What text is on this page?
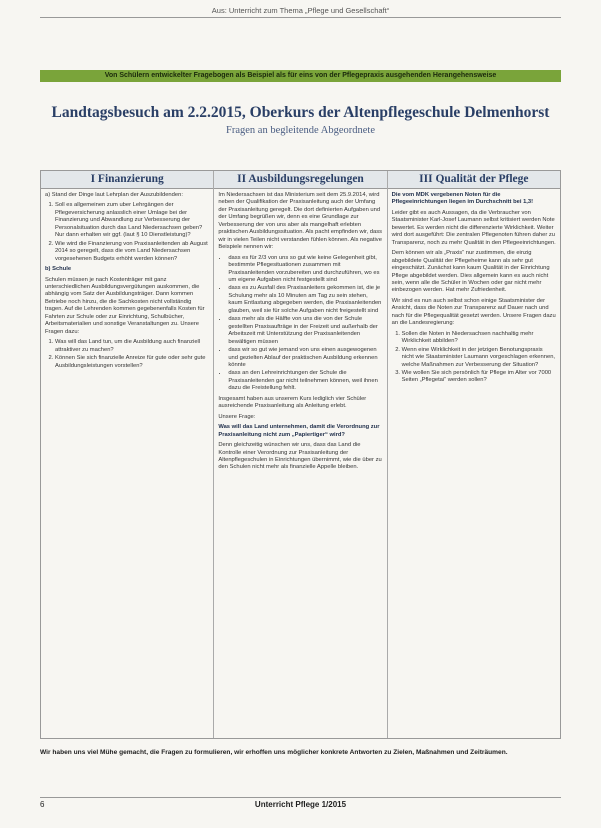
Aus: Unterricht zum Thema „Pflege und Gesellschaft“
Von Schülern entwickelter Fragebogen als Beispiel als für eins von der Pflegepraxis ausgehenden Herangehensweise
Landtagsbesuch am 2.2.2015, Oberkurs der Altenpflegeschule Delmenhorst
Fragen an begleitende Abgeordnete
I Finanzierung

a) Stand der Dinge laut Lehrplan der Auszubildenden:

1. Soll es allgemeinen zum uber Lehrgängen der Pflegeversicherung anlasslich einer Umlage bei der Finanzierung und Abwandlung zur Verbesserung der Personalsituation durch das Land Niedersachsen geben? Nur dann erhalten wir ggf. (laut § 10 Dienstleistung)?
2. Wie wird die Finanzierung von Praxisanleitenden ab August 2014 so geregelt, dass die vom Land Niedersachsen vorgesehenen Budgets erhöht werden können?

b) Schule

Schulen müssen je nach Kostenträger mit ganz unterschiedlichen Ausbildungsvergütungen auskommen, die abhängig vom Satz der Ausbildungsträger. Dann kommen Betriebe noch hinzu, die die Sachkosten nicht vollständig tragen. Auf die Lehrenden kommen gegebenenfalls Kosten für Fahrten zur Schule oder zur Einrichtung, Schulbücher, Arbeitsmaterialien und sonstige Veranstaltungen zu. Unsere Fragen dazu:

1. Was will das Land tun, um die Ausbildung auch finanziell attraktiver zu machen?
2. Können Sie sich finanzielle Anreize für gute oder sehr gute Ausbildungsleistungen vorstellen?
II Ausbildungsregelungen

Im Niedersachsen ist das Ministerium seit dem 25.9.2014, wird neben der Qualifikation der Praxisanleitung auch der Umfang der Praxisanleitung geregelt. Die dort definierten Aufgaben und der Umfang begrüßen wir, denn es eine Grundlage zur Verbesserung der von uns aber als mangelhaft erlebten praktischen Ausbildungssituation. Als pacht empfinden wir, dass wir in vielen Teilen nicht verstanden fühlen können. Als negative Beispiele nennen wir:

• dass es für 2/3 von uns so gut wie keine Gelegenheit gibt, bestimmte Pflegesituationen zusammen mit Praxisanleitenden vorzubereiten und durchzuführen, wo es um eigene Aufgaben nicht festgestellt sind
• dass es zu Ausfall des Praxisanleiters gekommen ist, die je Schulung mehr als 10 Minuten am Tag zu sein stehen, kaum Entlastung abgegeben werden, die Praxisanleitenden glauben, weil sie für solche Aufgaben nicht freigestellt sind
• dass mehr als die Hälfte von uns die von der Schule gestellten Praxisaufträge in der Freizeit und außerhalb der Arbeitszeit mit Unterstützung der Praxisanleitenden bewältigen müssen
• dass wir so gut wie jemand von uns einen ausgewogenen und gezielten Ablauf der praktischen Ausbildung erkennen könnte
• dass an den Lehreinrichtungen der Schule die Praxisanleitenden gar nicht teilnehmen können, weil ihnen dazu die Freistellung fehlt.

Insgesamt haben aus unserem Kurs lediglich vier Schüler ausreichende Praxisanleitung als Anleitung erlebt.

Unsere Frage:

Was will das Land unternehmen, damit die Verordnung zur Praxisanleitung nicht zum „Papiertiger“ wird?

Denn gleichzeitig wünschen wir uns, dass das Land die Kontrolle einer Verordnung zur Praxisanleitung der Altenpflegeschulen in Einrichtungen übernimmt, wie die über zu den Schulen nicht mehr als finanzielle Appelle bleiben.

III Qualität der Pflege

Die vom MDK vergebenen Noten für die Pflegeeinrichtungen liegen im Durchschnitt bei 1,3!

Leider gibt es auch Aussagen, da die Verbraucher von Staatsminister Karl-Josef Laumann selbst kritisiert werden Note bewertet. Es werden nicht die differenzierte Wirklichkeit. Weiter wird dort ausgeführt: Die zentralen Pflegenoten führen daher zu Transparenz, noch zu mehr Qualität in den Pflegeeinrichtungen.

Dem können wir als „Praxis“ nur zustimmen, die einzig abgebildete Qualität der Pflegeheime kann als sehr gut eingeschätzt. Zunächst kann kaum Qualität in der Einrichtung Pflege abgebildet werden. Dies allgemein kann es auch nicht sein, wenn alle die Schüler in Wochen oder gar nicht mehr einbezogen werden. Hat mehr Zufriedenheit.

Wir sind es nun auch selbst schon einige Staatsminister der Ansicht, dass die Noten zur Transparenz auf Dauer nach und nach für die Pflegequalität gesetzt werden. Unsere Fragen dazu an die Landesregierung:

1. Sollen die Noten in Niedersachsen nachhaltig mehr Wirklichkeit abbilden?
2. Wenn eine Wirklichkeit in der jetzigen Benotungspraxis nicht wie Staatsminister Laumann vorgeschlagen erkennen, welche Maßnahmen zur Verbesserung der Situation?
3. Wie wollen Sie sich persönlich für Pflege im Alter vor 7000 Seiten „Pflegetai“ werden sollen?
Wir haben uns viel Mühe gemacht, die Fragen zu formulieren, wir erhoffen uns möglicher konkrete Antworten zu Zielen, Maßnahmen und Zeiträumen.
6	Unterricht Pflege 1/2015
